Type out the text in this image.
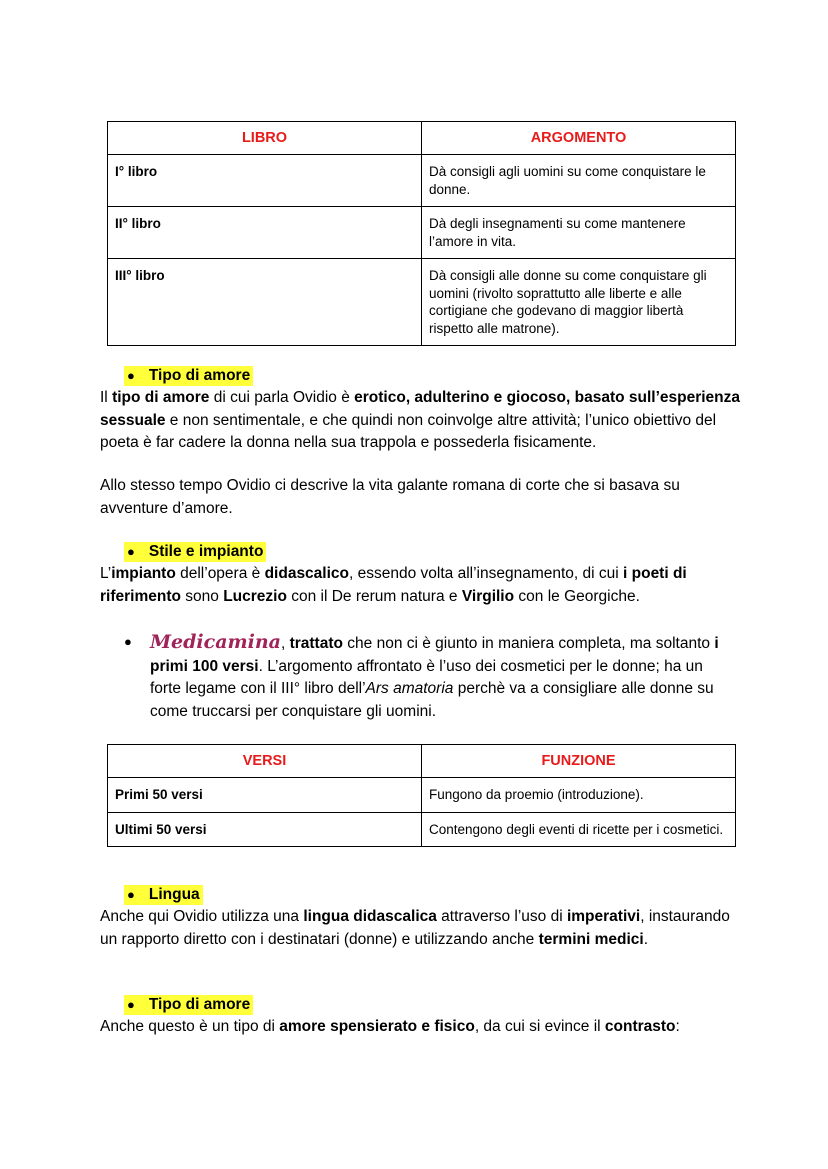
LIBRO	ARGOMENTO
I° libro	Dà consigli agli uomini su come conquistare le donne.
II° libro	Dà degli insegnamenti su come mantenere l’amore in vita.
III° libro	Dà consigli alle donne su come conquistare gli uomini (rivolto soprattutto alle liberte e alle cortigiane che godevano di maggior libertà rispetto alle matrone).
● Tipo di amore

Il tipo di amore di cui parla Ovidio è erotico, adulterino e giocoso, basato sull’esperienza sessuale e non sentimentale, e che quindi non coinvolge altre attività; l’unico obiettivo del poeta è far cadere la donna nella sua trappola e possederla fisicamente.

Allo stesso tempo Ovidio ci descrive la vita galante romana di corte che si basava su avventure d’amore.

● Stile e impianto

L’impianto dell’opera è didascalico, essendo volta all’insegnamento, di cui i poeti di riferimento sono Lucrezio con il De rerum natura e Virgilio con le Georgiche.

● Medicamina, trattato che non ci è giunto in maniera completa, ma soltanto i primi 100 versi. L’argomento affrontato è l’uso dei cosmetici per le donne; ha un forte legame con il III° libro dell’Ars amatoria perchè va a consigliare alle donne su come truccarsi per conquistare gli uomini.
VERSI	FUNZIONE
Primi 50 versi	Fungono da proemio (introduzione).
Ultimi 50 versi	Contengono degli eventi di ricette per i cosmetici.
● Lingua

Anche qui Ovidio utilizza una lingua didascalica attraverso l’uso di imperativi, instaurando un rapporto diretto con i destinatari (donne) e utilizzando anche termini medici.

● Tipo di amore

Anche questo è un tipo di amore spensierato e fisico, da cui si evince il contrasto:
